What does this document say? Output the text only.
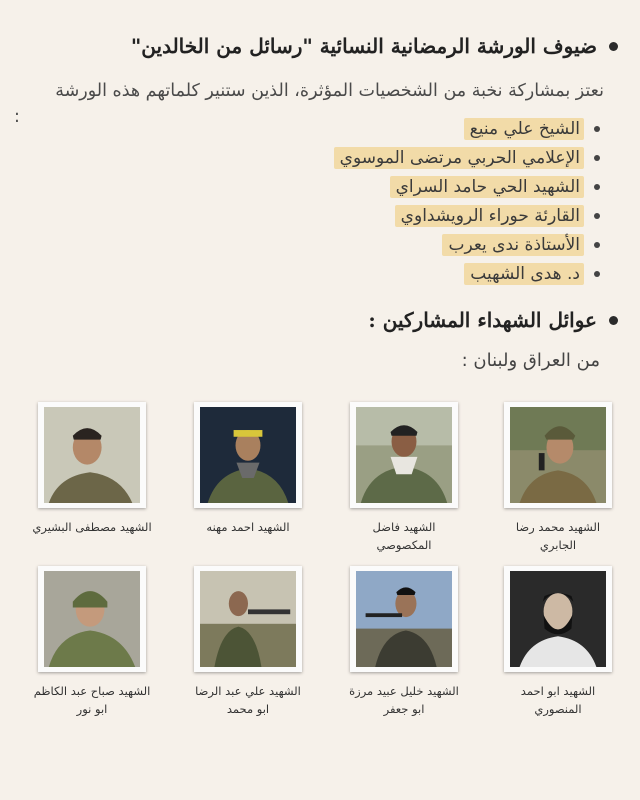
ضيوف الورشة الرمضانية النسائية "رسائل من الخالدين"
نعتز بمشاركة نخبة من الشخصيات المؤثرة، الذين ستنير كلماتهم هذه الورشة
:
الشيخ علي منيع
الإعلامي الحربي مرتضى الموسوي
الشهيد الحي حامد السراي
القارئة حوراء الرويشداوي
الأستاذة ندى يعرب
د. هدى الشهيب
عوائل الشهداء المشاركين :
من العراق ولبنان :
الشهيد محمد رضا الجابري
الشهيد فاضل المكصوصي
الشهيد احمد مهنه
الشهيد مصطفى البشيري
الشهيد ابو احمد المنصوري
الشهيد خليل عبيد مرزة
ابو جعفر
الشهيد علي عبد الرضا
ابو محمد
الشهيد صباح عبد الكاظم
ابو نور
